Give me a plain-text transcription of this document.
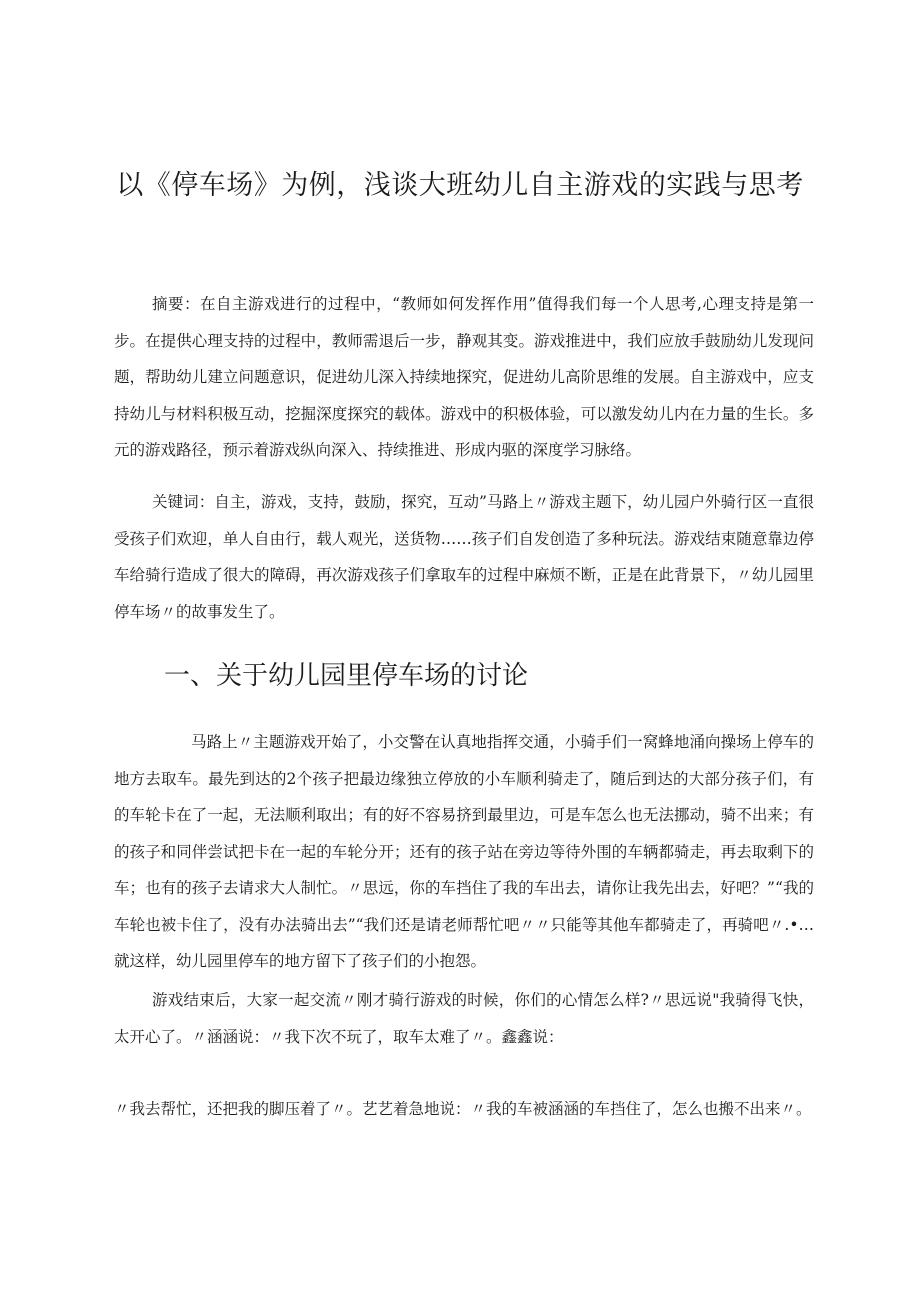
以《停车场》为例，浅谈大班幼儿自主游戏的实践与思考

摘要：在自主游戏进行的过程中，“教师如何发挥作用”值得我们每一个人思考,心理支持是第一步。在提供心理支持的过程中，教师需退后一步，静观其变。游戏推进中，我们应放手鼓励幼儿发现问题，帮助幼儿建立问题意识，促进幼儿深入持续地探究，促进幼儿高阶思维的发展。自主游戏中，应支持幼儿与材料积极互动，挖掘深度探究的载体。游戏中的积极体验，可以激发幼儿内在力量的生长。多元的游戏路径，预示着游戏纵向深入、持续推进、形成内驱的深度学习脉络。

关键词：自主，游戏，支持，鼓励，探究，互动”马路上〃游戏主题下，幼儿园户外骑行区一直很受孩子们欢迎，单人自由行，载人观光，送货物……孩子们自发创造了多种玩法。游戏结束随意靠边停车给骑行造成了很大的障碍，再次游戏孩子们拿取车的过程中麻烦不断，正是在此背景下，〃幼儿园里停车场〃的故事发生了。

一、关于幼儿园里停车场的讨论

马路上〃主题游戏开始了，小交警在认真地指挥交通，小骑手们一窝蜂地涌向操场上停车的地方去取车。最先到达的2个孩子把最边缘独立停放的小车顺利骑走了，随后到达的大部分孩子们，有的车轮卡在了一起，无法顺利取出；有的好不容易挤到最里边，可是车怎么也无法挪动，骑不出来；有的孩子和同伴尝试把卡在一起的车轮分开；还有的孩子站在旁边等待外围的车辆都骑走，再去取剩下的车；也有的孩子去请求大人制忙。〃思远，你的车挡住了我的车出去，请你让我先出去，好吧？”“我的车轮也被卡住了，没有办法骑出去”“我们还是请老师帮忙吧〃〃只能等其他车都骑走了，再骑吧〃.•…就这样，幼儿园里停车的地方留下了孩子们的小抱怨。

游戏结束后，大家一起交流〃刚才骑行游戏的时候，你们的心情怎么样?〃思远说"我骑得飞快，太开心了。〃涵涵说：〃我下次不玩了，取车太难了〃。鑫鑫说：

〃我去帮忙，还把我的脚压着了〃。艺艺着急地说：〃我的车被涵涵的车挡住了，怎么也搬不出来〃。
